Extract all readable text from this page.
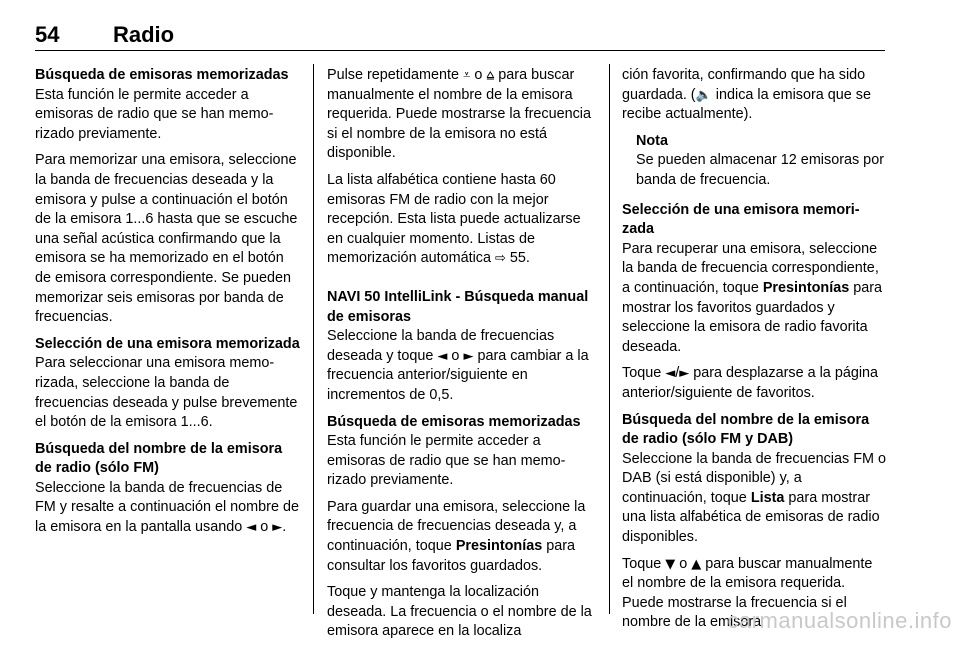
54 Radio

Búsqueda de emisoras memorizadas

Esta función le permite acceder a emisoras de radio que se han memorizado previamente.

Para memorizar una emisora, seleccione la banda de frecuencias deseada y la emisora y pulse a continuación el botón de la emisora 1...6 hasta que se escuche una señal acústica confirmando que la emisora se ha memorizado en el botón de emisora correspondiente. Se pueden memorizar seis emisoras por banda de frecuencias.

Selección de una emisora memorizada

Para seleccionar una emisora memorizada, seleccione la banda de frecuencias deseada y pulse brevemente el botón de la emisora 1...6.

Búsqueda del nombre de la emisora de radio (sólo FM)

Seleccione la banda de frecuencias de FM y resalte a continuación el nombre de la emisora en la pantalla usando ◄ o ►.

Pulse repetidamente ⩡ o ⩠ para buscar manualmente el nombre de la emisora requerida. Puede mostrarse la frecuencia si el nombre de la emisora no está disponible.

La lista alfabética contiene hasta 60 emisoras FM de radio con la mejor recepción. Esta lista puede actualizarse en cualquier momento. Listas de memorización automática ⇨ 55.

NAVI 50 IntelliLink - Búsqueda manual de emisoras

Seleccione la banda de frecuencias deseada y toque ◄ o ► para cambiar a la frecuencia anterior/siguiente en incrementos de 0,5.

Búsqueda de emisoras memorizadas

Esta función le permite acceder a emisoras de radio que se han memorizado previamente.

Para guardar una emisora, seleccione la frecuencia de frecuencias deseada y, a continuación, toque Presintonías para consultar los favoritos guardados.

Toque y mantenga la localización deseada. La frecuencia o el nombre de la emisora aparece en la localiza

ción favorita, confirmando que ha sido guardada. (🔈 indica la emisora que se recibe actualmente).

Nota
Se pueden almacenar 12 emisoras por banda de frecuencia.

Selección de una emisora memorizada

Para recuperar una emisora, seleccione la banda de frecuencia correspondiente, a continuación, toque Presintonías para mostrar los favoritos guardados y seleccione la emisora de radio favorita deseada.

Toque ◄/► para desplazarse a la página anterior/siguiente de favoritos.

Búsqueda del nombre de la emisora de radio (sólo FM y DAB)

Seleccione la banda de frecuencias FM o DAB (si está disponible) y, a continuación, toque Lista para mostrar una lista alfabética de emisoras de radio disponibles.

Toque ▼ o ▲ para buscar manualmente el nombre de la emisora requerida. Puede mostrarse la frecuencia si el nombre de la emisora

carmanualsonline.info
